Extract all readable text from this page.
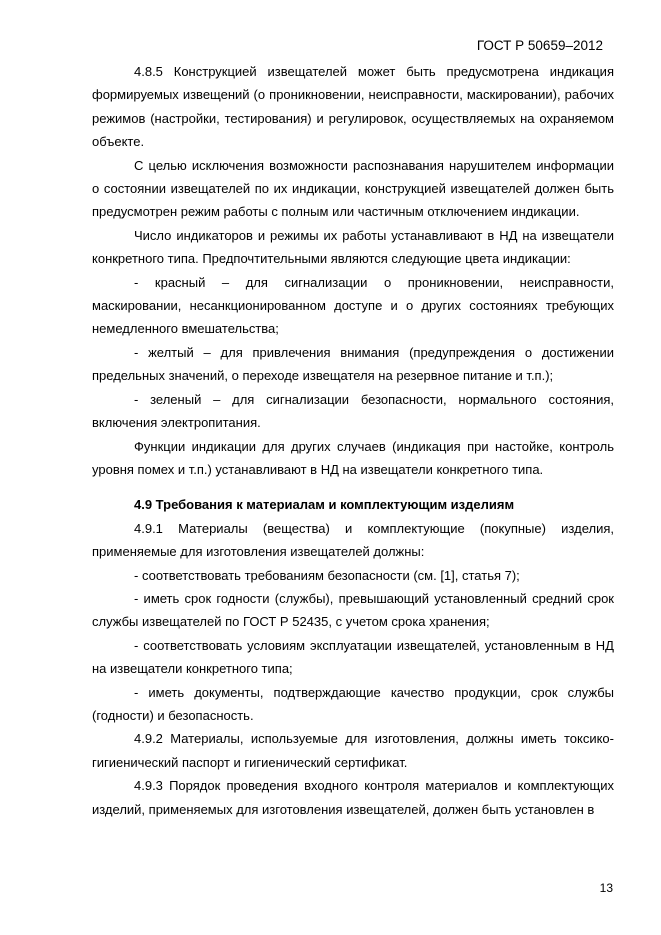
ГОСТ Р 50659–2012

4.8.5 Конструкцией извещателей может быть предусмотрена индикация формируемых извещений (о проникновении, неисправности, маскировании), рабочих режимов (настройки, тестирования) и регулировок, осуществляемых на охраняемом объекте.

С целью исключения возможности распознавания нарушителем информации о состоянии извещателей по их индикации, конструкцией извещателей должен быть предусмотрен режим работы с полным или частичным отключением индикации.

Число индикаторов и режимы их работы устанавливают в НД на извещатели конкретного типа. Предпочтительными являются следующие цвета индикации:

- красный – для сигнализации о проникновении, неисправности, маскировании, несанкционированном доступе и о других состояниях требующих немедленного вмешательства;

- желтый – для привлечения внимания (предупреждения о достижении предельных значений, о переходе извещателя на резервное питание и т.п.);

- зеленый – для сигнализации безопасности, нормального состояния, включения электропитания.

Функции индикации для других случаев (индикация при настойке, контроль уровня помех и т.п.) устанавливают в НД на извещатели конкретного типа.

4.9 Требования к материалам и комплектующим изделиям

4.9.1 Материалы (вещества) и комплектующие (покупные) изделия, применяемые для изготовления извещателей должны:

- соответствовать требованиям безопасности (см. [1], статья 7);

- иметь срок годности (службы), превышающий установленный средний срок службы извещателей по ГОСТ Р 52435, с учетом срока хранения;

- соответствовать условиям эксплуатации извещателей, установленным в НД на извещатели конкретного типа;

- иметь документы, подтверждающие качество продукции, срок службы (годности) и безопасность.

4.9.2 Материалы, используемые для изготовления, должны иметь токсико-гигиенический паспорт и гигиенический сертификат.

4.9.3 Порядок проведения входного контроля материалов и комплектующих изделий, применяемых для изготовления извещателей, должен быть установлен в

13
